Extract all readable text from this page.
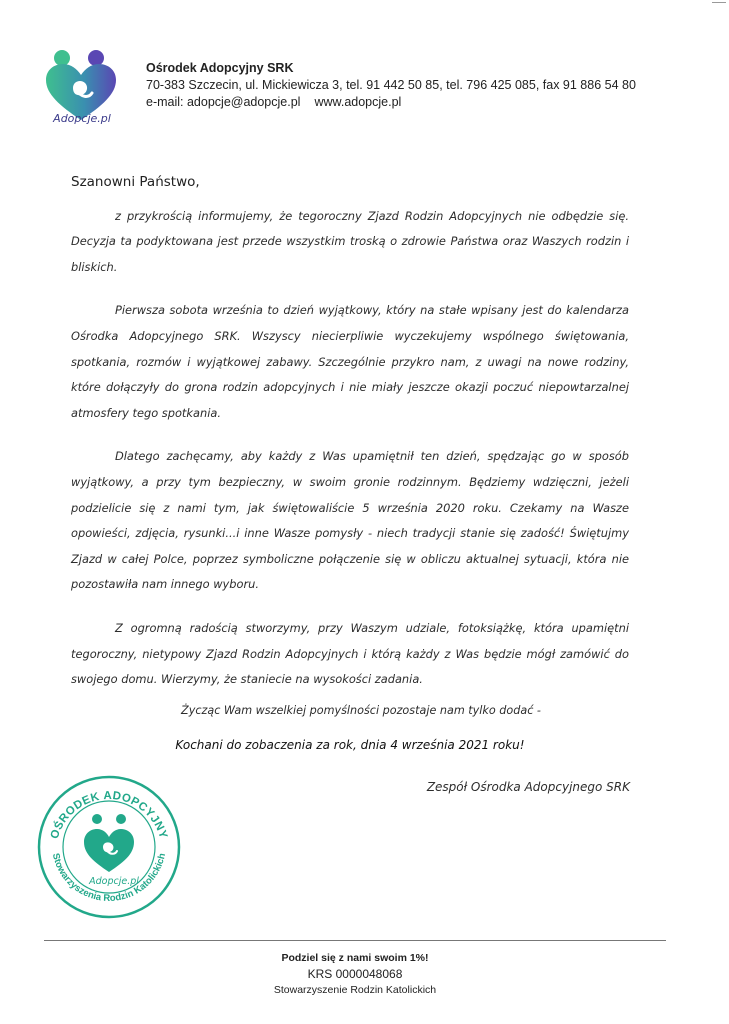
Adopcje.pl
Ośrodek Adopcyjny SRK
70-383 Szczecin, ul. Mickiewicza 3, tel. 91 442 50 85, tel. 796 425 085, fax 91 886 54 80
e-mail: adopcje@adopcje.pl www.adopcje.pl
Szanowni Państwo,

z przykrością informujemy, że tegoroczny Zjazd Rodzin Adopcyjnych nie odbędzie się. Decyzja ta podyktowana jest przede wszystkim troską o zdrowie Państwa oraz Waszych rodzin i bliskich.

Pierwsza sobota września to dzień wyjątkowy, który na stałe wpisany jest do kalendarza Ośrodka Adopcyjnego SRK. Wszyscy niecierpliwie wyczekujemy wspólnego świętowania, spotkania, rozmów i wyjątkowej zabawy. Szczególnie przykro nam, z uwagi na nowe rodziny, które dołączyły do grona rodzin adopcyjnych i nie miały jeszcze okazji poczuć niepowtarzalnej atmosfery tego spotkania.

Dlatego zachęcamy, aby każdy z Was upamiętnił ten dzień, spędzając go w sposób wyjątkowy, a przy tym bezpieczny, w swoim gronie rodzinnym. Będziemy wdzięczni, jeżeli podzielicie się z nami tym, jak świętowaliście 5 września 2020 roku. Czekamy na Wasze opowieści, zdjęcia, rysunki...i inne Wasze pomysły - niech tradycji stanie się zadość! Świętujmy Zjazd w całej Polce, poprzez symboliczne połączenie się w obliczu aktualnej sytuacji, która nie pozostawiła nam innego wyboru.

Z ogromną radością stworzymy, przy Waszym udziale, fotoksiążkę, która upamiętni tegoroczny, nietypowy Zjazd Rodzin Adopcyjnych i którą każdy z Was będzie mógł zamówić do swojego domu. Wierzymy, że staniecie na wysokości zadania.

Życząc Wam wszelkiej pomyślności pozostaje nam tylko dodać -
Kochani do zobaczenia za rok, dnia 4 września 2021 roku!
Zespół Ośrodka Adopcyjnego SRK
OŚRODEK ADOPCYJNY
Stowarzyszenia Rodzin Katolickich
Adopcje.pl
Podziel się z nami swoim 1%!
KRS 0000048068
Stowarzyszenie Rodzin Katolickich
